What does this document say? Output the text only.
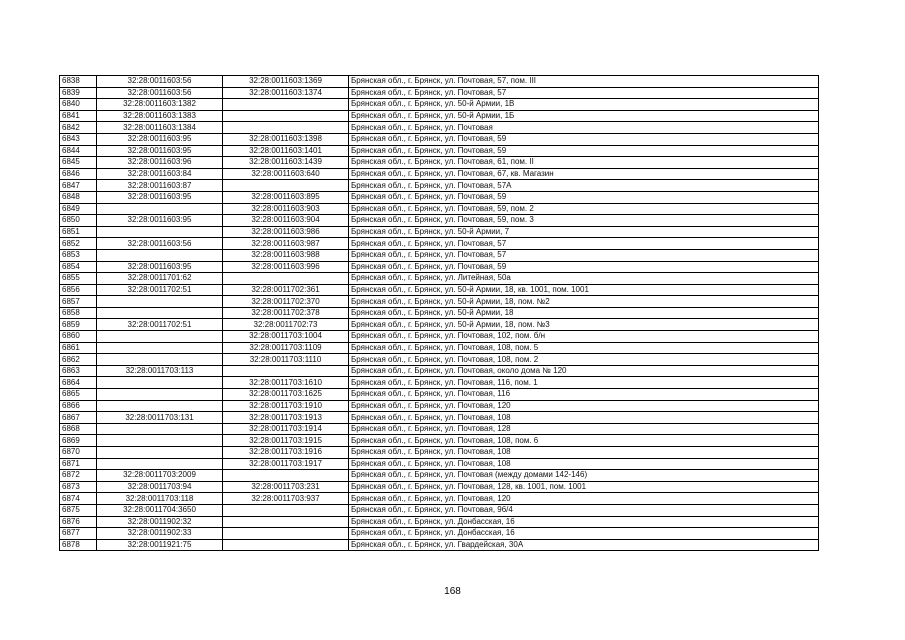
6838	32:28:0011603:56	32:28:0011603:1369	Брянская обл., г. Брянск, ул. Почтовая, 57, пом. III
6839	32:28:0011603:56	32:28:0011603:1374	Брянская обл., г. Брянск, ул. Почтовая, 57
6840	32:28:0011603:1382		Брянская обл., г. Брянск, ул. 50-й Армии, 1В
6841	32:28:0011603:1383		Брянская обл., г. Брянск, ул. 50-й Армии, 1Б
6842	32:28:0011603:1384		Брянская обл., г. Брянск, ул. Почтовая
6843	32:28:0011603:95	32:28:0011603:1398	Брянская обл., г. Брянск, ул. Почтовая, 59
6844	32:28:0011603:95	32:28:0011603:1401	Брянская обл., г. Брянск, ул. Почтовая, 59
6845	32:28:0011603:96	32:28:0011603:1439	Брянская обл., г. Брянск, ул. Почтовая, 61, пом. II
6846	32:28:0011603:84	32:28:0011603:640	Брянская обл., г. Брянск, ул. Почтовая, 67, кв. Магазин
6847	32:28:0011603:87		Брянская обл., г. Брянск, ул. Почтовая, 57А
6848	32:28:0011603:95	32:28:0011603:895	Брянская обл., г. Брянск, ул. Почтовая, 59
6849		32:28:0011603:903	Брянская обл., г. Брянск, ул. Почтовая, 59, пом. 2
6850	32:28:0011603:95	32:28:0011603:904	Брянская обл., г. Брянск, ул. Почтовая, 59, пом. 3
6851		32:28:0011603:986	Брянская обл., г. Брянск, ул. 50-й Армии, 7
6852	32:28:0011603:56	32:28:0011603:987	Брянская обл., г. Брянск, ул. Почтовая, 57
6853		32:28:0011603:988	Брянская обл., г. Брянск, ул. Почтовая, 57
6854	32:28:0011603:95	32:28:0011603:996	Брянская обл., г. Брянск, ул. Почтовая, 59
6855	32:28:0011701:62		Брянская обл., г. Брянск, ул. Литейная, 50а
6856	32:28:0011702:51	32:28:0011702:361	Брянская обл., г. Брянск, ул. 50-й Армии, 18, кв. 1001, пом. 1001
6857		32:28:0011702:370	Брянская обл., г. Брянск, ул. 50-й Армии, 18, пом. №2
6858		32:28:0011702:378	Брянская обл., г. Брянск, ул. 50-й Армии, 18
6859	32:28:0011702:51	32:28:0011702:73	Брянская обл., г. Брянск, ул. 50-й Армии, 18, пом. №3
6860		32:28:0011703:1004	Брянская обл., г. Брянск, ул. Почтовая, 102, пом. б/н
6861		32:28:0011703:1109	Брянская обл., г. Брянск, ул. Почтовая, 108, пом. 5
6862		32:28:0011703:1110	Брянская обл., г. Брянск, ул. Почтовая, 108, пом. 2
6863	32:28:0011703:113		Брянская обл., г. Брянск, ул. Почтовая, около дома № 120
6864		32:28:0011703:1610	Брянская обл., г. Брянск, ул. Почтовая, 116, пом. 1
6865		32:28:0011703:1625	Брянская обл., г. Брянск, ул. Почтовая, 116
6866		32:28:0011703:1910	Брянская обл., г. Брянск, ул. Почтовая, 120
6867	32:28:0011703:131	32:28:0011703:1913	Брянская обл., г. Брянск, ул. Почтовая, 108
6868		32:28:0011703:1914	Брянская обл., г. Брянск, ул. Почтовая, 128
6869		32:28:0011703:1915	Брянская обл., г. Брянск, ул. Почтовая, 108, пом. 6
6870		32:28:0011703:1916	Брянская обл., г. Брянск, ул. Почтовая, 108
6871		32:28:0011703:1917	Брянская обл., г. Брянск, ул. Почтовая, 108
6872	32:28:0011703:2009		Брянская обл., г. Брянск, ул. Почтовая (между домами 142-146)
6873	32:28:0011703:94	32:28:0011703:231	Брянская обл., г. Брянск, ул. Почтовая, 128, кв. 1001, пом. 1001
6874	32:28:0011703:118	32:28:0011703:937	Брянская обл., г. Брянск, ул. Почтовая, 120
6875	32:28:0011704:3650		Брянская обл., г. Брянск, ул. Почтовая, 96/4
6876	32:28:0011902:32		Брянская обл., г. Брянск, ул. Донбасская, 16
6877	32:28:0011902:33		Брянская обл., г. Брянск, ул. Донбасская, 16
6878	32:28:0011921:75		Брянская обл., г. Брянск, ул. Гвардейская, 30А
168
